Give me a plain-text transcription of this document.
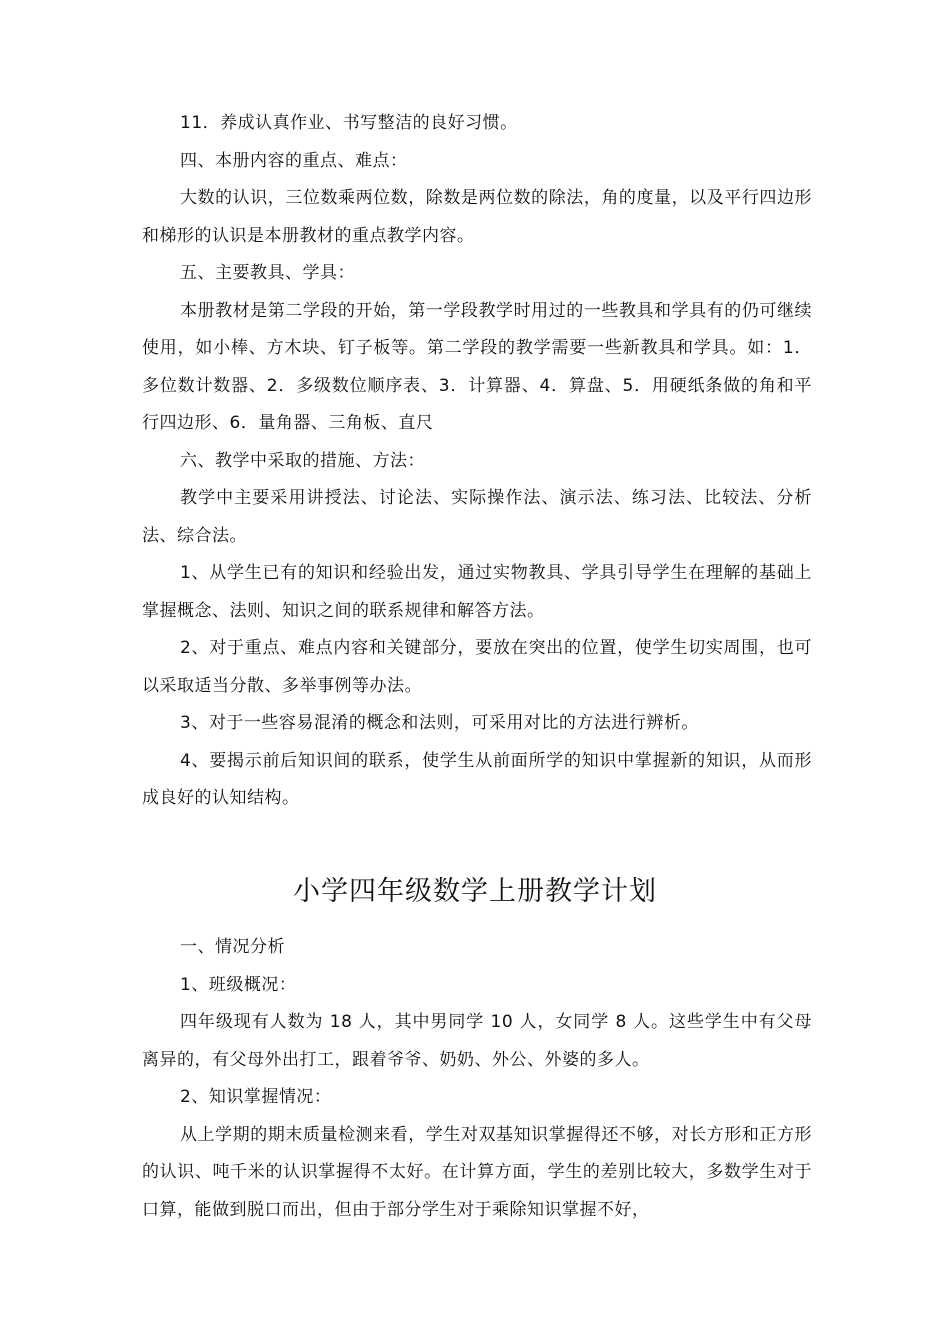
11．养成认真作业、书写整洁的良好习惯。

四、本册内容的重点、难点：

大数的认识，三位数乘两位数，除数是两位数的除法，角的度量，以及平行四边形和梯形的认识是本册教材的重点教学内容。

五、主要教具、学具：

本册教材是第二学段的开始，第一学段教学时用过的一些教具和学具有的仍可继续使用，如小棒、方木块、钉子板等。第二学段的教学需要一些新教具和学具。如：1．多位数计数器、2．多级数位顺序表、3．计算器、4．算盘、5．用硬纸条做的角和平行四边形、6．量角器、三角板、直尺

六、教学中采取的措施、方法：

教学中主要采用讲授法、讨论法、实际操作法、演示法、练习法、比较法、分析法、综合法。

1、从学生已有的知识和经验出发，通过实物教具、学具引导学生在理解的基础上掌握概念、法则、知识之间的联系规律和解答方法。

2、对于重点、难点内容和关键部分，要放在突出的位置，使学生切实周围，也可以采取适当分散、多举事例等办法。

3、对于一些容易混淆的概念和法则，可采用对比的方法进行辨析。

4、要揭示前后知识间的联系，使学生从前面所学的知识中掌握新的知识，从而形成良好的认知结构。

小学四年级数学上册教学计划

一、情况分析

1、班级概况：

四年级现有人数为 18 人，其中男同学 10 人，女同学 8 人。这些学生中有父母离异的，有父母外出打工，跟着爷爷、奶奶、外公、外婆的多人。

2、知识掌握情况：

从上学期的期末质量检测来看，学生对双基知识掌握得还不够，对长方形和正方形的认识、吨千米的认识掌握得不太好。在计算方面，学生的差别比较大，多数学生对于口算，能做到脱口而出，但由于部分学生对于乘除知识掌握不好，
